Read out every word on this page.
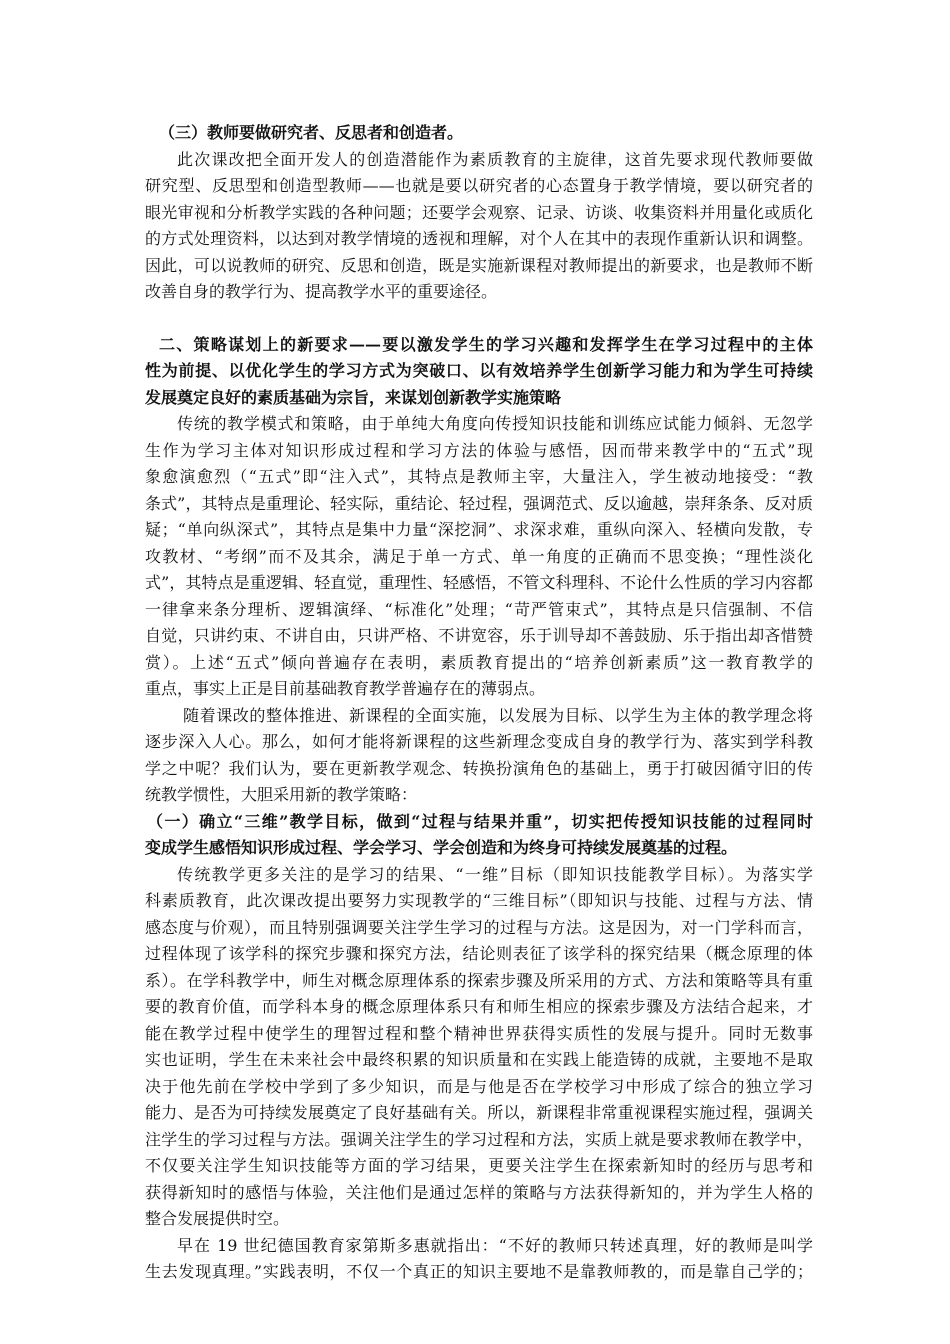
（三）教师要做研究者、反思者和创造者。
此次课改把全面开发人的创造潜能作为素质教育的主旋律，这首先要求现代教师要做
研究型、反思型和创造型教师——也就是要以研究者的心态置身于教学情境，要以研究者的
眼光审视和分析教学实践的各种问题；还要学会观察、记录、访谈、收集资料并用量化或质化
的方式处理资料，以达到对教学情境的透视和理解，对个人在其中的表现作重新认识和调整。
因此，可以说教师的研究、反思和创造，既是实施新课程对教师提出的新要求，也是教师不断
改善自身的教学行为、提高教学水平的重要途径。
二、策略谋划上的新要求——要以激发学生的学习兴趣和发挥学生在学习过程中的主体
性为前提、以优化学生的学习方式为突破口、以有效培养学生创新学习能力和为学生可持续
发展奠定良好的素质基础为宗旨，来谋划创新教学实施策略
传统的教学模式和策略，由于单纯大角度向传授知识技能和训练应试能力倾斜、无忽学
生作为学习主体对知识形成过程和学习方法的体验与感悟，因而带来教学中的“五式”现
象愈演愈烈（“五式”即“注入式”，其特点是教师主宰，大量注入，学生被动地接受：“教
条式”，其特点是重理论、轻实际，重结论、轻过程，强调范式、反以逾越，崇拜条条、反对质
疑；“单向纵深式”，其特点是集中力量“深挖洞”、求深求难，重纵向深入、轻横向发散，专
攻教材、“考纲”而不及其余，满足于单一方式、单一角度的正确而不思变换；“理性淡化
式”，其特点是重逻辑、轻直觉，重理性、轻感悟，不管文科理科、不论什么性质的学习内容都
一律拿来条分理析、逻辑演绎、“标准化”处理；“苛严管束式”，其特点是只信强制、不信
自觉，只讲约束、不讲自由，只讲严格、不讲宽容，乐于训导却不善鼓励、乐于指出却吝惜赞
赏）。上述“五式”倾向普遍存在表明，素质教育提出的“培养创新素质”这一教育教学的
重点，事实上正是目前基础教育教学普遍存在的薄弱点。
随着课改的整体推进、新课程的全面实施，以发展为目标、以学生为主体的教学理念将
逐步深入人心。那么，如何才能将新课程的这些新理念变成自身的教学行为、落实到学科教
学之中呢？我们认为，要在更新教学观念、转换扮演角色的基础上，勇于打破因循守旧的传
统教学惯性，大胆采用新的教学策略：
（一）确立“三维”教学目标，做到“过程与结果并重”，切实把传授知识技能的过程同时
变成学生感悟知识形成过程、学会学习、学会创造和为终身可持续发展奠基的过程。
传统教学更多关注的是学习的结果、“一维”目标（即知识技能教学目标）。为落实学
科素质教育，此次课改提出要努力实现教学的“三维目标”（即知识与技能、过程与方法、情
感态度与价观），而且特别强调要关注学生学习的过程与方法。这是因为，对一门学科而言，
过程体现了该学科的探究步骤和探究方法，结论则表征了该学科的探究结果（概念原理的体
系）。在学科教学中，师生对概念原理体系的探索步骤及所采用的方式、方法和策略等具有重
要的教育价值，而学科本身的概念原理体系只有和师生相应的探索步骤及方法结合起来，才
能在教学过程中使学生的理智过程和整个精神世界获得实质性的发展与提升。同时无数事
实也证明，学生在未来社会中最终积累的知识质量和在实践上能造铸的成就，主要地不是取
决于他先前在学校中学到了多少知识，而是与他是否在学校学习中形成了综合的独立学习
能力、是否为可持续发展奠定了良好基础有关。所以，新课程非常重视课程实施过程，强调关
注学生的学习过程与方法。强调关注学生的学习过程和方法，实质上就是要求教师在教学中，
不仅要关注学生知识技能等方面的学习结果，更要关注学生在探索新知时的经历与思考和
获得新知时的感悟与体验，关注他们是通过怎样的策略与方法获得新知的，并为学生人格的
整合发展提供时空。
早在 19 世纪德国教育家第斯多惠就指出：“不好的教师只转述真理，好的教师是叫学
生去发现真理。”实践表明，不仅一个真正的知识主要地不是靠教师教的，而是靠自己学的；
